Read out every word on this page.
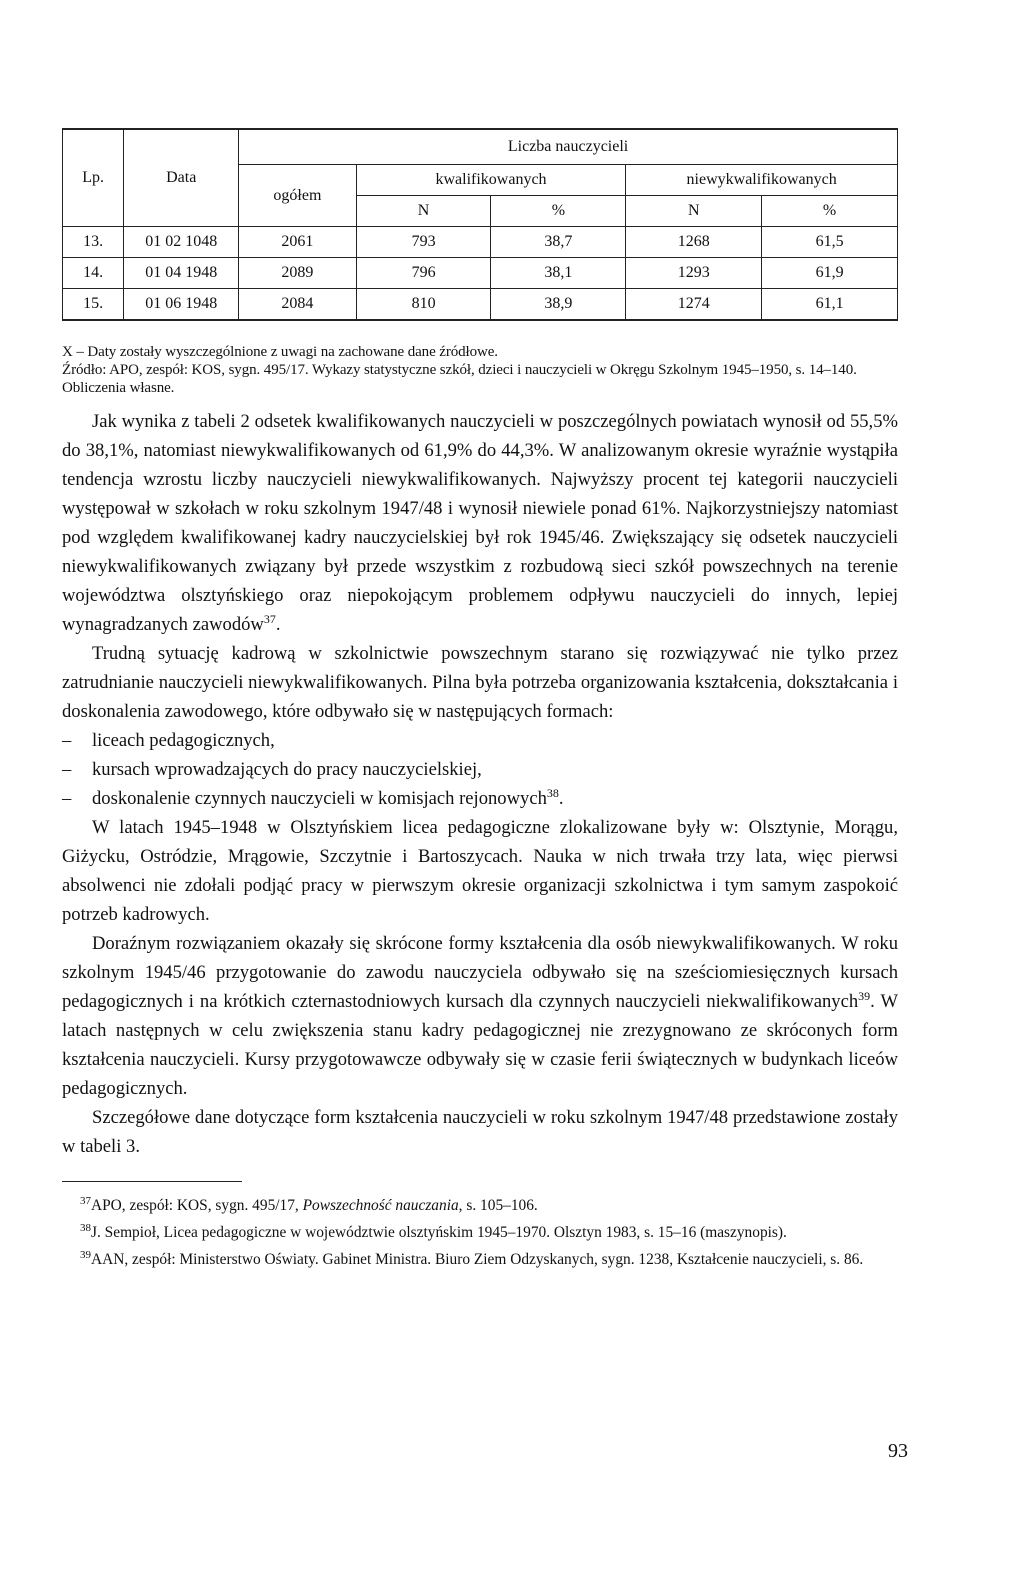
Lp.	Data	Liczba nauczycieli				
		ogółem	kwalifikowanych		niewykwalifikowanych	
			N	%	N	%
13.	01 02 1048	2061	793	38,7	1268	61,5
14.	01 04 1948	2089	796	38,1	1293	61,9
15.	01 06 1948	2084	810	38,9	1274	61,1

X – Daty zostały wyszczególnione z uwagi na zachowane dane źródłowe.

Źródło: APO, zespół: KOS, sygn. 495/17. Wykazy statystyczne szkół, dzieci i nauczycieli w Okręgu Szkolnym 1945–1950, s. 14–140. Obliczenia własne.

Jak wynika z tabeli 2 odsetek kwalifikowanych nauczycieli w poszczególnych powiatach wynosił od 55,5% do 38,1%, natomiast niewykwalifikowanych od 61,9% do 44,3%. W analizowanym okresie wyraźnie wystąpiła tendencja wzrostu liczby nauczycieli niewykwalifikowanych. Najwyższy procent tej kategorii nauczycieli występował w szkołach w roku szkolnym 1947/48 i wynosił niewiele ponad 61%. Najkorzystniejszy natomiast pod względem kwalifikowanej kadry nauczycielskiej był rok 1945/46. Zwiększający się odsetek nauczycieli niewykwalifikowanych związany był przede wszystkim z rozbudową sieci szkół powszechnych na terenie województwa olsztyńskiego oraz niepokojącym problemem odpływu nauczycieli do innych, lepiej wynagradzanych zawodów$^{37}$.

Trudną sytuację kadrową w szkolnictwie powszechnym starano się rozwiązywać nie tylko przez zatrudnianie nauczycieli niewykwalifikowanych. Pilna była potrzeba organizowania kształcenia, dokształcania i doskonalenia zawodowego, które odbywało się w następujących formach:

– liceach pedagogicznych,
– kursach wprowadzających do pracy nauczycielskiej,
– doskonalenie czynnych nauczycieli w komisjach rejonowych$^{38}$.

W latach 1945–1948 w Olsztyńskiem licea pedagogiczne zlokalizowane były w: Olsztynie, Morągu, Giżycku, Ostródzie, Mrągowie, Szczytnie i Bartoszycach. Nauka w nich trwała trzy lata, więc pierwsi absolwenci nie zdołali podjąć pracy w pierwszym okresie organizacji szkolnictwa i tym samym zaspokoić potrzeb kadrowych.

Doraźnym rozwiązaniem okazały się skrócone formy kształcenia dla osób niewykwalifikowanych. W roku szkolnym 1945/46 przygotowanie do zawodu nauczyciela odbywało się na sześciomiesięcznych kursach pedagogicznych i na krótkich czternastodniowych kursach dla czynnych nauczycieli niekwalifikowanych$^{39}$. W latach następnych w celu zwiększenia stanu kadry pedagogicznej nie zrezygnowano ze skróconych form kształcenia nauczycieli. Kursy przygotowawcze odbywały się w czasie ferii świątecznych w budynkach liceów pedagogicznych.

Szczegółowe dane dotyczące form kształcenia nauczycieli w roku szkolnym 1947/48 przedstawione zostały w tabeli 3.

$^{37}$APO, zespół: KOS, sygn. 495/17, Powszechność nauczania, s. 105–106.

$^{38}$J. Sempioł, Licea pedagogiczne w województwie olsztyńskim 1945–1970. Olsztyn 1983, s. 15–16 (maszynopis).

$^{39}$AAN, zespół: Ministerstwo Oświaty. Gabinet Ministra. Biuro Ziem Odzyskanych, sygn. 1238, Kształcenie nauczycieli, s. 86.

93
